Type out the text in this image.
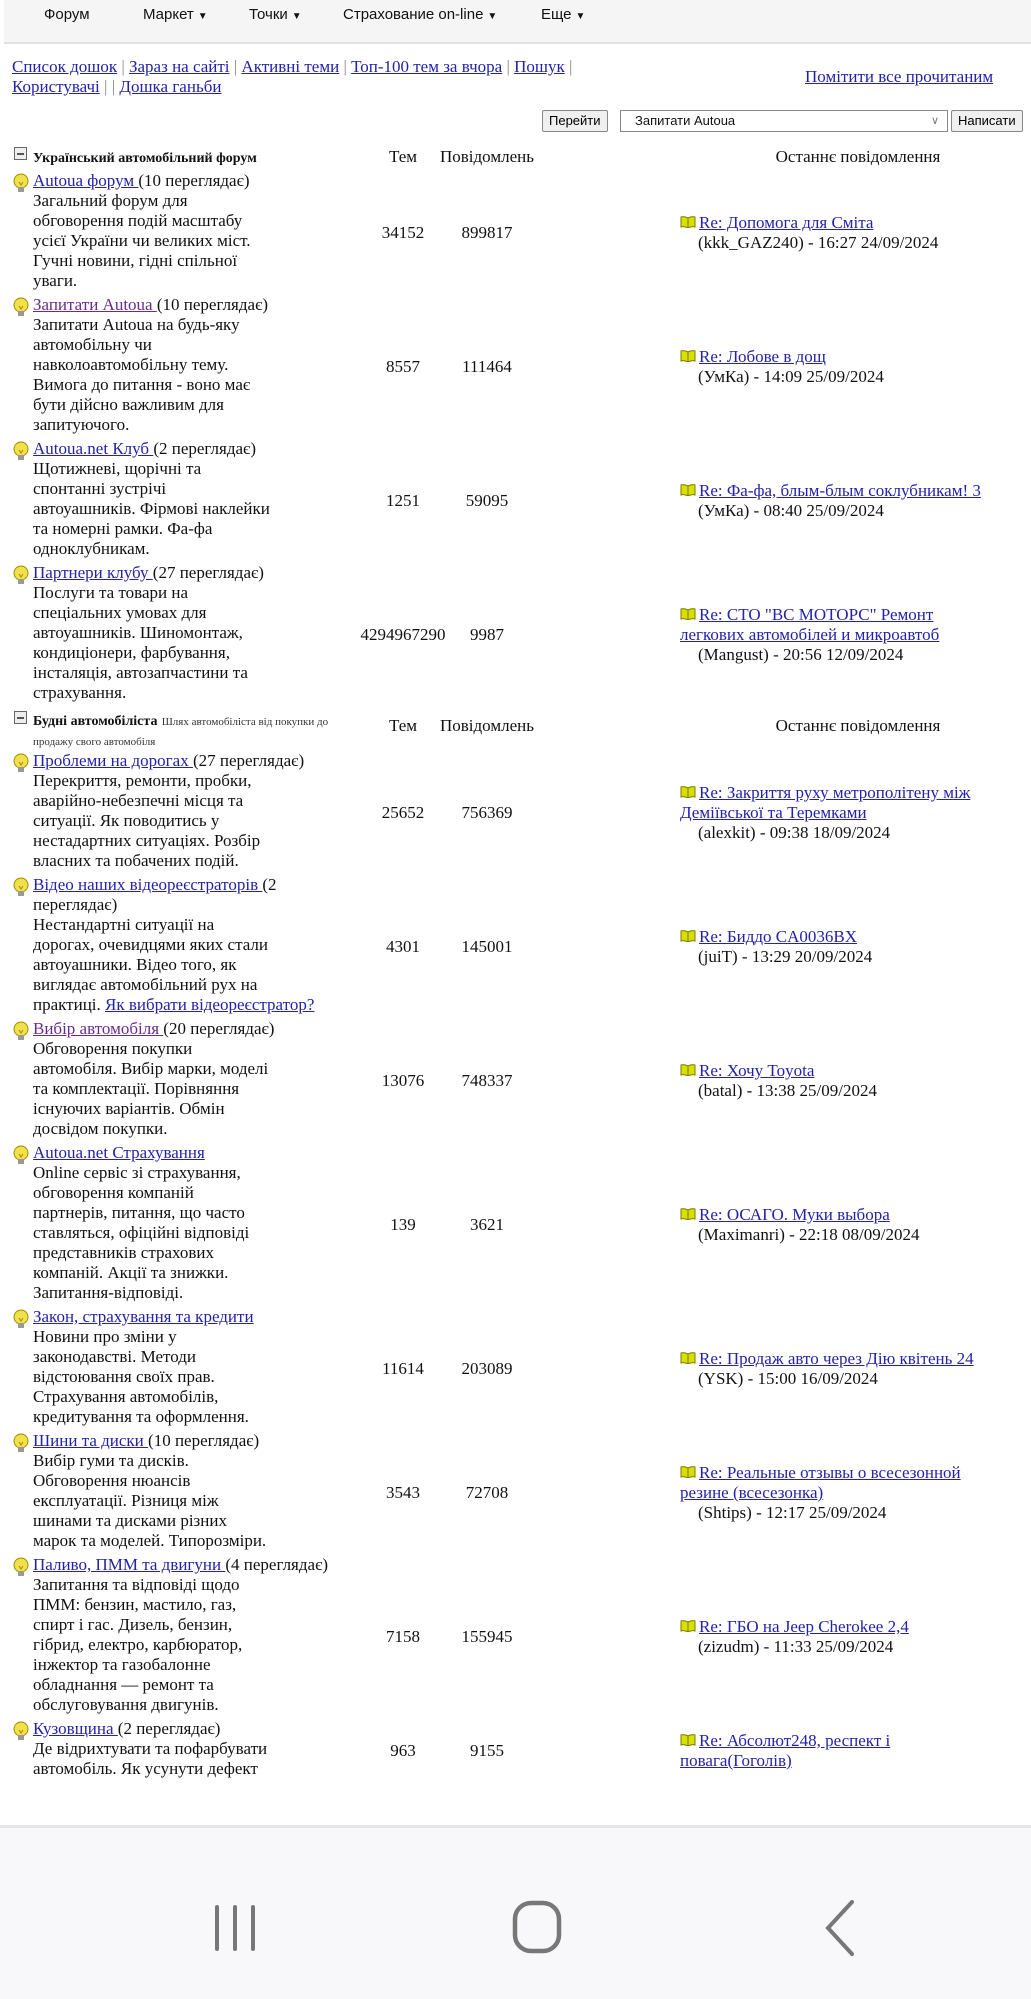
Форум	Маркет ▼	Точки ▼	Страхование on-line ▼	Еще ▼
Список дошок | Зараз на сайті | Активні теми | Топ-100 тем за вчора | Пошук |
Користувачі | | Дошка ганьби
Помітити все прочитаним
Перейти	Запитати Autoua	∨	Написати
Український автомобільний форум	Тем Повідомлень	Останнє повідомлення
Autoua форум (10 переглядає)
Загальний форум для
обговорення подій масштабу
усієї України чи великих міст.
Гучні новини, гідні спільної
уваги.
34152 899817
Re: Допомога для Сміта
(kkk_GAZ240) - 16:27 24/09/2024
Запитати Autoua (10 переглядає)
Запитати Autoua на будь-яку
автомобільну чи
навколоавтомобільну тему.
Вимога до питання - воно має
бути дійсно важливим для
запитуючого.
8557 111464
Re: Лобове в дощ
(УмКа) - 14:09 25/09/2024
Autoua.net Клуб (2 переглядає)
Щотижневі, щорічні та
спонтанні зустрічі
автоуашників. Фірмові наклейки
та номерні рамки. Фа-фа
одноклубникам.
1251	59095
Re: Фа-фа, блым-блым соклубникам! 3
(УмКа) - 08:40 25/09/2024
Партнери клубу (27 переглядає)
Послуги та товари на
спеціальних умовах для
автоуашників. Шиномонтаж,
кондиціонери, фарбування,
інсталяція, автозапчастини та
страхування.
4294967290 9987
Re: СТО "ВС МОТОРС" Ремонт
легкових автомобілей и микроавтоб
(Mangust) - 20:56 12/09/2024
Будні автомобіліста Шлях автомобіліста від покупки до продажу свого автомобіля
Тем Повідомлень	Останнє повідомлення
Проблеми на дорогах (27 переглядає)
Перекриття, ремонти, пробки,
аварійно-небезпечні місця та
ситуації. Як поводитись у
нестадартних ситуаціях. Розбір
власних та побачених подій.
25652 756369
Re: Закриття руху метрополітену між
Деміївської та Теремками
(alexkit) - 09:38 18/09/2024
Відео наших відеореєстраторів (2 переглядає)
Нестандартні ситуації на
дорогах, очевидцями яких стали
автоуашники. Відео того, як
виглядає автомобільний рух на
практиці. Як вибрати відеореєстратор?
4301 145001
Re: Биддо CA0036BX
(juiT) - 13:29 20/09/2024
Вибір автомобіля (20 переглядає)
Обговорення покупки
автомобіля. Вибір марки, моделі
та комплектації. Порівняння
існуючих варіантів. Обмін
досвідом покупки.
13076 748337
Re: Хочу Toyota
(batal) - 13:38 25/09/2024
Autoua.net Страхування
Online сервіс зі страхування,
обговорення компаній
партнерів, питання, що часто
ставляться, офіційні відповіді
представників страхових
компаній. Акції та знижки.
Запитання-відповіді.
139	3621
Re: ОСАГО. Муки выбора
(Maximanri) - 22:18 08/09/2024
Закон, страхування та кредити
Новини про зміни у
законодавстві. Методи
відстоювання своїх прав.
Страхування автомобілів,
кредитування та оформлення.
11614 203089
Re: Продаж авто через Дію квітень 24
(YSK) - 15:00 16/09/2024
Шини та диски (10 переглядає)
Вибір гуми та дисків.
Обговорення нюансів
експлуатації. Різниця між
шинами та дисками різних
марок та моделей. Типорозміри.
3543	72708
Re: Реальные отзывы о всесезонной
резине (всесезонка)
(Shtips) - 12:17 25/09/2024
Паливо, ПММ та двигуни (4 переглядає)
Запитання та відповіді щодо
ПММ: бензин, мастило, газ,
спирт і гас. Дизель, бензин,
гібрид, електро, карбюратор,
інжектор та газобалонне
обладнання — ремонт та
обслуговування двигунів.
7158 155945
Re: ГБО на Jeep Cherokee 2,4
(zizudm) - 11:33 25/09/2024
Кузовщина (2 переглядає)
Де відрихтувати та пофарбувати
автомобіль. Як усунути дефект
963	9155
Re: Абсолют248, респект і
повага(Гоголів)
